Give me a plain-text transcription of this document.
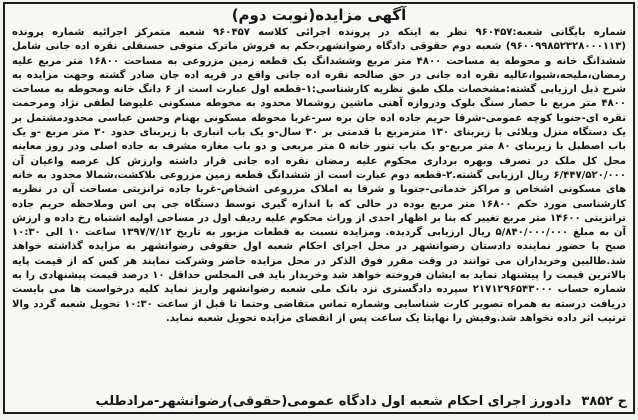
آگهی مزایده(نوبت دوم)
شماره بایگانی شعبه:۹۶۰۴۵۷ نظر به اینکه در پرونده اجرائی کلاسه ۹۶۰۴۵۷ شعبه متمرکز اجرائیه شماره پرونده (۹۶۰۰۹۹۸۵۲۳۲۸۰۰۰۱۱۳) شعبه دوم حقوقی دادگاه رضوانشهر،حکم به فروش ماترک متوفی حسنقلی نقره اده جانی شامل ششدانگ خانه و محوطه به مساحت ۴۸۰۰ متر مربع وششدانگ یک قطعه زمین مزروعی به مساحت ۱۶۸۰۰ متر مربع علیه رمضان،ملیحه،شیوا،عالیه نقره اده جانی در حق صالحه نقره اده جانی واقع در قریه اده جان صادر گشته وجهت مزایده به شرح ذیل ارزیابی گشته:مشخصات ملک طبق نظریه کارشناسی:۱-قطعه اول عبارت است از ۶ دانگ خانه ومحوطه به مساحت ۴۸۰۰ متر مربع با حصار سنگ بلوک ودروازه آهنی ماشین روشمالا محدود به محوطه مسکونی علیوضا لطفی نژاد ومرحمت نقره ای-جنوبا کوچه عمومی-شرقا حریم جاده اده جان بره سر-غربا محوطه مسکونی بهنام وحسن عباسی محدودمشتمل بر یک دستگاه منزل ویلائی با زیربنای ۱۳۰ مترمربع با قدمتی بر ۳۰ سال-و یک باب انباری با زیربنای حدود ۳۰ متر مربع -و یک باب اصطبل با زیربنای ۸۰ متر مربع-و یک باب تنور خانه ۵ متر مربعی و دو باب مغازه مشرف به جاده اصلی ودر روز معاینه محل کل ملک در تصرف وبهره برداری محکوم علیه رمضان نقره اده جانی قرار داشته وارزش کل عرصه واعیان آن ۶/۴۴۷/۵۲۰/۰۰۰ ریال ارزیابی گشته.۲-قطعه دوم عبارت است از ششدانگ قطعه زمین مزروعی بلاکشت،شمالا محدود به خانه های مسکونی اشخاص و مراکز خدماتی-جنوبا و شرقا به املاک مزروعی اشخاص-غربا جاده ترانزیتی مساحت آن در نظریه کارشناسی مورد حکم ۱۶۸۰۰ متر مربع بوده در حالی که با اندازه گیری توسط دستگاه جی پی اس وملاحظه حریم جاده ترانزیتی ۱۴۶۰۰ متر مربع تغییر که بنا بر اظهار احدی از وراث محکوم علیه ردیف اول در مساحی اولیه اشتباه رخ داده و ارزش آن به مبلغ ۵/۸۴۰/۰۰۰/۰۰۰ ریال ارزیابی گردیده. ومزایده نسبت به قطعات مزبور به تاریخ ۱۳۹۷/۷/۱۲ ساعت ۱۰ الی ۱۰:۳۰ صبح با حضور نماینده دادستان رضوانشهر در محل اجرای احکام شعبه اول حقوقی رضوانشهر به مزایده گذاشته خواهد شد.طالبین وخریداران می توانند در وقت مقرر فوق الذکر در محل مزایده حاضر وشرکت نمایند هر کس که از قیمت پایه بالاترین قیمت را پیشنهاد نماید به ایشان فروخته خواهد شد وخریدار باید فی المجلس حداقل ۱۰ درصد قیمت پیشنهادی را به شماره حساب ۲۱۷۱۲۹۶۵۴۳۰۰۰ سپرده دادگستری نزد بانک ملی شعبه رضوانشهر واریز نماید کلیه درخواست ها می بایست دریافت درسته به همراه تصویر کارت شناسایی وشماره تماس متقاضی وحتما تا قبل از ساعت ۱۰:۳۰ تحویل شعبه گردد والا ترتیب اثر داده نخواهد شد.وفیش را نهایتا یک ساعت پس از انقضای مزایده تحویل شعبه نماید.
ح ۳۸۵۲
دادورز اجرای احکام شعبه اول دادگاه عمومی(حقوقی)رضوانشهر-مرادطلب
